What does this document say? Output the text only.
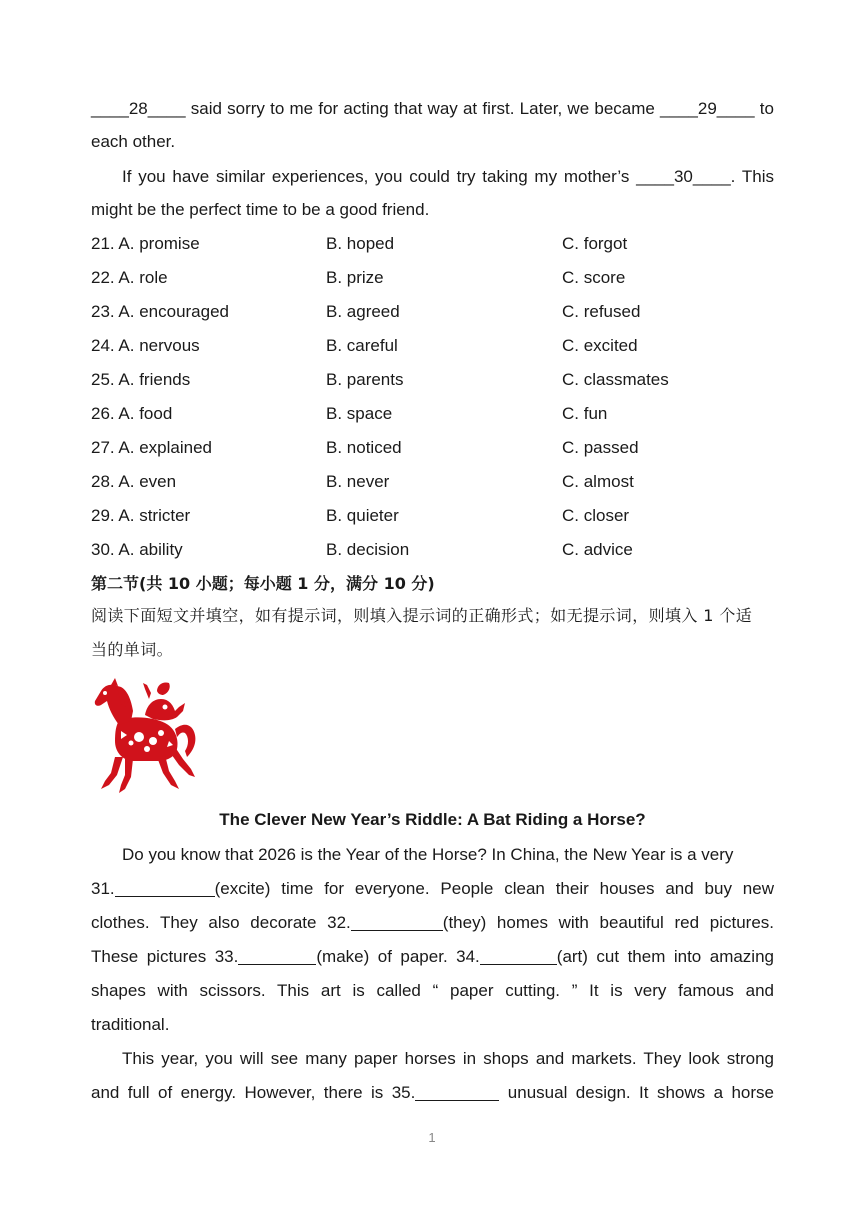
____28____ said sorry to me for acting that way at first. Later, we became ____29____ to
each other.
If you have similar experiences, you could try taking my mother’s ____30____. This
might be the perfect time to be a good friend.
21. A. promise	B. hoped	C. forgot
22. A. role	B. prize	C. score
23. A. encouraged	B. agreed	C. refused
24. A. nervous	B. careful	C. excited
25. A. friends	B. parents	C. classmates
26. A. food	B. space	C. fun
27. A. explained	B. noticed	C. passed
28. A. even	B. never	C. almost
29. A. stricter	B. quieter	C. closer
30. A. ability	B. decision	C. advice
第二节(共 10 小题；每小题 1 分，满分 10 分)
阅读下面短文并填空，如有提示词，则填入提示词的正确形式；如无提示词，则填入 1 个适
当的单词。
The Clever New Year’s Riddle: A Bat Riding a Horse?
Do you know that 2026 is the Year of the Horse? In China, the New Year is a very
31.	(excite) time for everyone. People clean their houses and buy new
clothes. They also decorate 32.	(they) homes with beautiful red pictures.
These pictures 33.	(make) of paper. 34.	(art) cut them into amazing
shapes with scissors. This art is called “ paper cutting. ” It is very famous and
traditional.
This year, you will see many paper horses in shops and markets. They look strong
and full of energy. However, there is 35.	unusual design. It shows a horse
1
